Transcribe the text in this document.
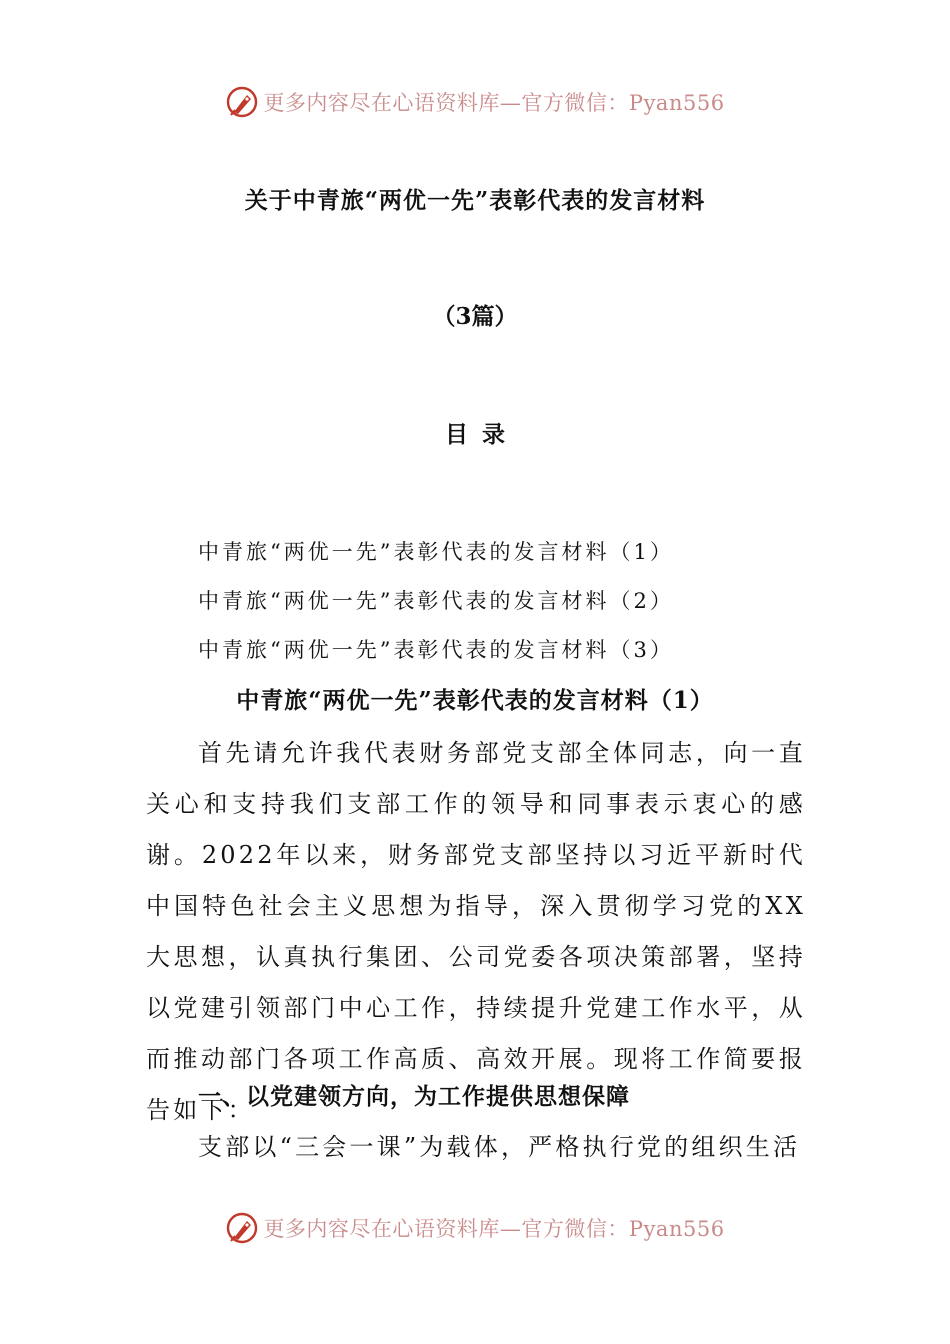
更多内容尽在心语资料库—官方微信：Pyan556
关于中青旅“两优一先”表彰代表的发言材料
（3篇）
目录
中青旅“两优一先”表彰代表的发言材料（1）
中青旅“两优一先”表彰代表的发言材料（2）
中青旅“两优一先”表彰代表的发言材料（3）
中青旅“两优一先”表彰代表的发言材料（1）

首先请允许我代表财务部党支部全体同志，向一直关心和支持我们支部工作的领导和同事表示衷心的感谢。2022年以来，财务部党支部坚持以习近平新时代中国特色社会主义思想为指导，深入贯彻学习党的XX大思想，认真执行集团、公司党委各项决策部署，坚持以党建引领部门中心工作，持续提升党建工作水平，从而推动部门各项工作高质、高效开展。现将工作简要报告如下：

一、以党建领方向，为工作提供思想保障

支部以“三会一课”为载体，严格执行党的组织生活

更多内容尽在心语资料库—官方微信：Pyan556
